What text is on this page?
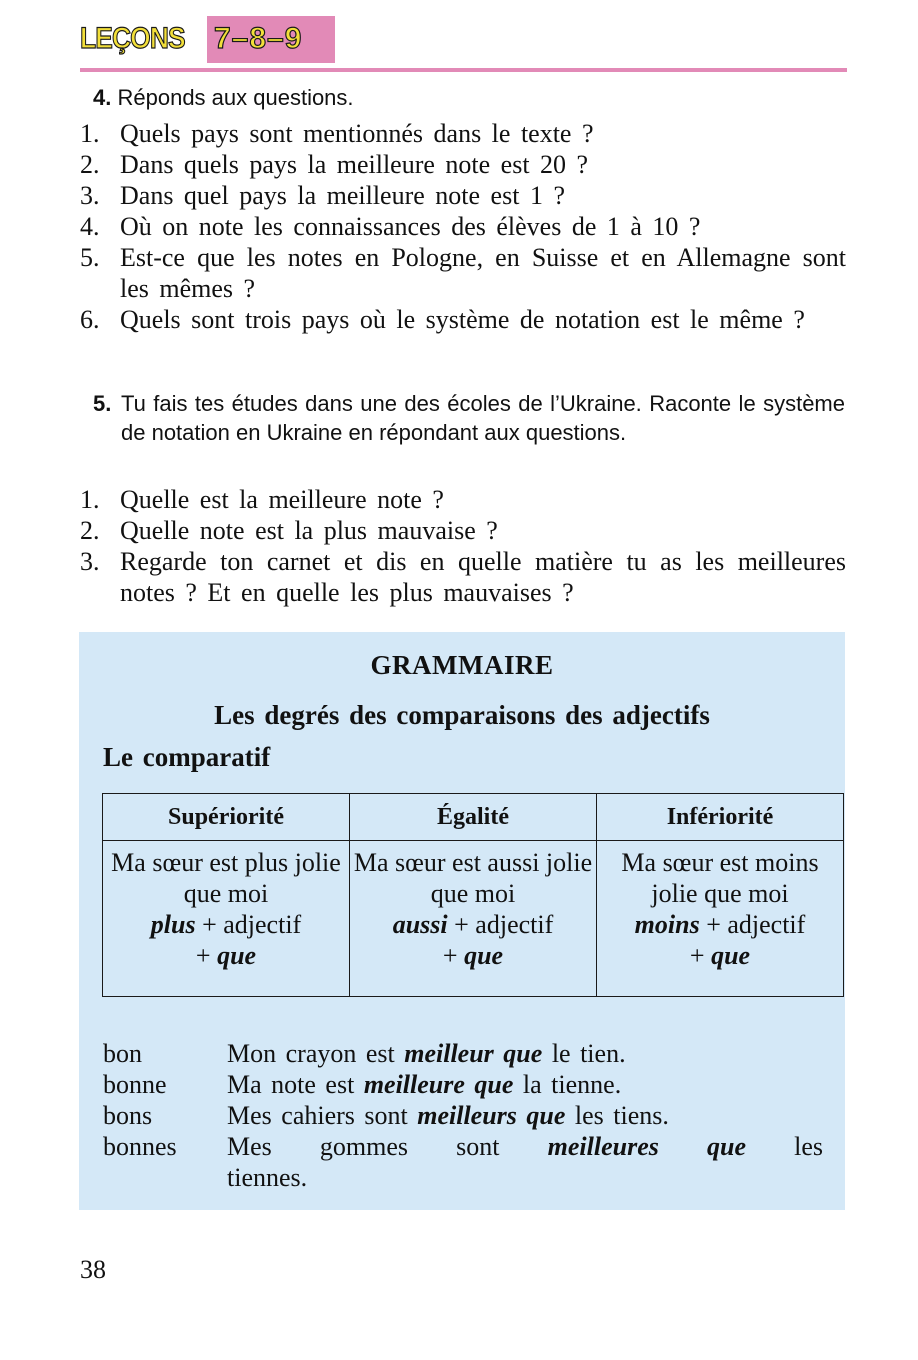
LEÇONS 7–8–9
4. Réponds aux questions.
1. Quels pays sont mentionnés dans le texte ?
2. Dans quels pays la meilleure note est 20 ?
3. Dans quel pays la meilleure note est 1 ?
4. Où on note les connaissances des élèves de 1 à 10 ?
5. Est-ce que les notes en Pologne, en Suisse et en Allemagne sont les mêmes ?
6. Quels sont trois pays où le système de notation est le même ?
5. Tu fais tes études dans une des écoles de l’Ukraine. Raconte le système de notation en Ukraine en répondant aux questions.
1. Quelle est la meilleure note ?
2. Quelle note est la plus mauvaise ?
3. Regarde ton carnet et dis en quelle matière tu as les meilleures notes ? Et en quelle les plus mauvaises ?
GRAMMAIRE
Les degrés des comparaisons des adjectifs
Le comparatif
Supériorité	Égalité	Infériorité
Ma sœur est plus jolie que moi
plus + adjectif
+ que	Ma sœur est aussi jolie que moi
aussi + adjectif
+ que	Ma sœur est moins jolie que moi
moins + adjectif
+ que
bon	Mon crayon est meilleur que le tien.
bonne	Ma note est meilleure que la tienne.
bons	Mes cahiers sont meilleurs que les tiens.
bonnes	Mes gommes sont meilleures que les
tiennes.
38
